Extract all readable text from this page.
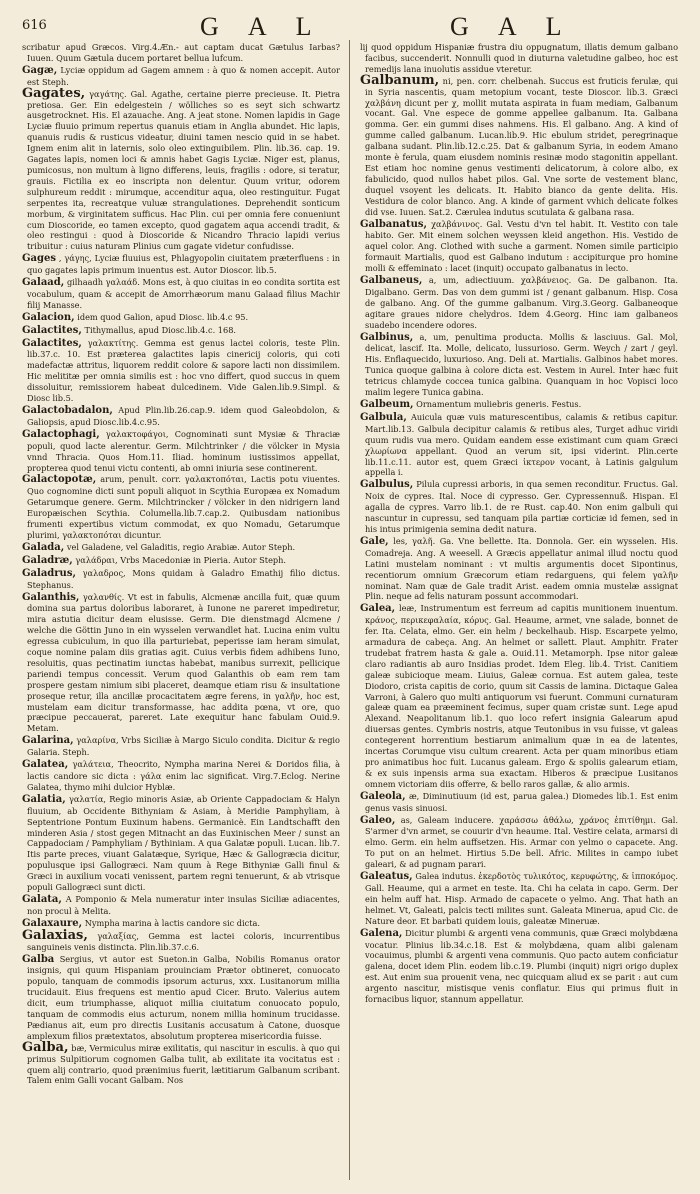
616	G A L	G A L
scribatur apud Græcos. Virg.4.Æn.- aut captam ducat Gætulus Iarbas? Iuuen. Quum Gætula ducem portaret bellua lufcum.
Gagæ, Lyciæ oppidum ad Gagem amnem : à quo & nomen accepit. Autor est Steph.
Gagates, γαγάτης. Gal. Agathe, certaine pierre precieuse. It. Pietra pretiosa. Ger. Ein edelgestein / wölliches so es seyt sich schwartz ausgetrocknet. His. El azauache. Ang. A jeat stone. Nomen lapidis in Gage Lyciæ fluuio primum repertus quanuis etiam in Anglia abundet. Hic lapis, quanuis rudis & rusticus videatur, diuini tamen nescio quid in se habet. Ignem enim alit in laternis, solo oleo extinguibilem. Plin. lib.36. cap. 19. Gagates lapis, nomen loci & amnis habet Gagis Lyciæ. Niger est, planus, pumicosus, non multum à ligno differens, leuis, fragilis : odore, si teratur, grauis. Fictilia ex eo inscripta non delentur. Quum vritur, odorem sulphureum reddit : mirumque, accenditur aqua, oleo restinguitur. Fugat serpentes ita, recreatque vuluæ strangulationes. Deprehendit sonticum morbum, & virginitatem sufficus. Hac Plin. cui per omnia fere conueniunt cum Dioscoride, eo tamen excepto, quod gagatem aqua accendi tradit, & oleo restingui : quod à Dioscoride & Nicandro Thracio lapidi verius tribuitur : cuius naturam Plinius cum gagate videtur confudisse.
Gages , γάγης, Lyciæ fluuius est, Phlagyopolin ciuitatem præterfluens : in quo gagates lapis primum inuentus est. Autor Dioscor. lib.5.
Galaad, gilhaadh γαλαάδ. Mons est, à quo ciuitas in eo condita sortita est vocabulum, quam & accepit de Amorrhæorum manu Galaad filius Machir filij Manasse.
Galacion, idem quod Galion, apud Diosc. lib.4.c 95.
Galactites, Tithymallus, apud Diosc.lib.4.c. 168.
Galactites, γαλακτίτης. Gemma est genus lactei coloris, teste Plin. lib.37.c. 10. Est præterea galactites lapis cinericij coloris, qui coti madefactæ attritus, liquorem reddit colore & sapore lacti non dissimilem. Hic melititæ per omnia similis est : hoc vno differt, quod succus in quem dissoluitur, remissiorem habeat dulcedinem. Vide Galen.lib.9.Simpl. & Diosc lib.5.
Galactobadalon, Apud Plin.lib.26.cap.9. idem quod Galeobdolon, & Galiopsis, apud Diosc.lib.4.c.95.
Galactophagi, γαλακτοφάγοι, Cognominati sunt Mysiæ & Thraciæ populi, quod lacte alerentur. Germ. Milchtrinker / die völcker in Mysia vnnd Thracia. Quos Hom.11. Iliad. hominum iustissimos appellat, propterea quod tenui victu contenti, ab omni iniuria sese continerent.
Galactopotæ, arum, penult. corr. γαλακτοπόται, Lactis potu viuentes. Quo cognomine dicti sunt populi aliquot in Scythia Europæa ex Nomadum Getarumque genere. Germ. Milchtrincker / völcker in den nidrigern land Europæischen Scythia. Columella.lib.7.cap.2. Quibusdam nationibus frumenti expertibus victum commodat, ex quo Nomadu, Getarumque plurimi, γαλακτοπόται dicuntur.
Galada, vel Galadene, vel Galaditis, regio Arabiæ. Autor Steph.
Galadræ, γαλάδραι, Vrbs Macedoniæ in Pieria. Autor Steph.
Galadrus, γαλαδρος, Mons quidam à Galadro Emathij filio dictus. Stephanus.
Galanthis, γαλανθίς. Vt est in fabulis, Alcmenæ ancilla fuit, quæ quum domina sua partus doloribus laboraret, à Iunone ne pareret impediretur, mira astutia dicitur deam elusisse. Germ. Die dienstmagd Alcmene / welche die Göttin Juno in ein wysselen verwandlet hat. Lucina enim vultu egressa cubiculum, in quo illa parturiebat, peperisse iam heram simulat, coque nomine palam diis gratias agit. Cuius verbis fidem adhibens Iuno, resoluitis, quas pectinatim iunctas habebat, manibus surrexit, pellicique pariendi tempus concessit. Verum quod Galanthis ob eam rem tam prospere gestam nimium sibi placeret, deamque etiam risu & insultatione proseque retur, illa ancillæ procacitatem ægre ferens, in γαλῆν, hoc est, mustelam eam dicitur transformasse, hac addita pœna, vt ore, quo præcipue peccauerat, pareret. Late exequitur hanc fabulam Ouid.9. Metam.
Galarina, γαλαρίνα, Vrbs Siciliæ à Margo Siculo condita. Dicitur & regio Galaria. Steph.
Galatea, γαλάτεια, Theocrito, Nympha marina Nerei & Doridos filia, à lactis candore sic dicta : γάλα enim lac significat. Virg.7.Eclog. Nerine Galatea, thymo mihi dulcior Hyblæ.
Galatia, γαλατία, Regio minoris Asiæ, ab Oriente Cappadociam & Halyn fluuium, ab Occidente Bithyniam & Asiam, à Meridie Pamphyliam, à Septentrione Pontum Euxinum habens. Germanicè. Ein Landtschafft den minderen Asia / stost gegen Mitnacht an das Euxinischen Meer / sunst an Cappadociam / Pamphyliam / Bythiniam. A qua Galatæ populi. Lucan. lib.7. Itis parte preces, viuant Galatæque, Syrique, Hæc & Gallogræcia dicitur, populusque ipsi Gallogræci. Nam quum à Rege Bithyniæ Galli finul & Græci in auxilium vocati venissent, partem regni tenuerunt, & ab vtrisque populi Gallogræci sunt dicti.
Galata, A Pomponio & Mela numeratur inter insulas Siciliæ adiacentes, non procul à Melita.
Galaxaure, Nympha marina à lactis candore sic dicta.
Galaxias, γαλαξίας, Gemma est lactei coloris, incurrentibus sanguineis venis distincta. Plin.lib.37.c.6.
Galba Sergius, vt autor est Sueton.in Galba, Nobilis Romanus orator insignis, qui quum Hispaniam prouinciam Prætor obtineret, conuocato populo, tanquam de commodis ipsorum acturus, xxx. Lusitanorum millia trucidauit. Eius frequens est mentio apud Cicer. Bruto. Valerius autem dicit, eum triumphasse, aliquot millia ciuitatum conuocato populo, tanquam de commodis eius acturum, nonem millia hominum trucidasse. Pædianus ait, eum pro directis Lusitanis accusatum à Catone, duosque amplexum filios prætextatos, absolutum propterea misericordia fuisse.
Galba, bæ, Vermiculus miræ exilitatis, qui nascitur in esculis. à quo qui primus Sulpitiorum cognomen Galba tulit, ab exilitate ita vocitatus est : quem alij contrario, quod prænimius fuerit, lætitiarum Galbanum scribant. Talem enim Galli vocant Galbam. Nos
lij quod oppidum Hispaniæ frustra diu oppugnatum, illatis demum galbano facibus, succenderit. Nonnulli quod in diuturna valetudine galbeo, hoc est remedijs lana inuolutis assidue vteretur.
Galbanum, ni, pen. corr. chelbenah. Succus est fruticis ferulæ, qui in Syria nascentis, quam metopium vocant, teste Dioscor. lib.3. Græci χαλβάνη dicunt per χ, mollit mutata aspirata in fuam mediam, Galbanum vocant. Gal. Vne espece de gomme appellee galbanum. Ita. Galbana gomma. Ger. ein gummi dises nahmens. His. El galbano. Ang. A kind of gumme called galbanum. Lucan.lib.9. Hic ebulum stridet, peregrinaque galbana sudant. Plin.lib.12.c.25. Dat & galbanum Syria, in eodem Amano monte è ferula, quam eiusdem nominis resinæ modo stagonitin appellant. Est etiam hoc nomine genus vestimenti delicatorum, à colore albo, ex fabulicido, quod nullos habet pilos. Gal. Vne sorte de vestement blanc, duquel vsoyent les delicats. It. Habito bianco da gente delita. His. Vestidura de color blanco. Ang. A kinde of garment vvhich delicate folkes did vse. Iuuen. Sat.2. Cærulea indutus scutulata & galbana rasa.
Galbanatus, χαλβάνινος. Gal. Vestu d'vn tel habit. It. Vestito con tale habito. Ger. Mit einem solchen weyssen kleid angethon. His. Vestido de aquel color. Ang. Clothed with suche a garment. Nomen simile participio formauit Martialis, quod est Galbano indutum : accipiturque pro homine molli & effeminato : lacet (inquit) occupato galbanatus in lecto.
Galbaneus, a, um, adiectiuum. χαλβάνειος. Ga. De galbanon. Ita. Digalbano. Germ. Das von dem gummi ist / genant galbanum. Hisp. Cosa de galbano. Ang. Of the gumme galbanum. Virg.3.Georg. Galbaneoque agitare graues nidore chelydros. Idem 4.Georg. Hinc iam galbaneos suadebo incendere odores.
Galbinus, a, um, penultima producta. Mollis & lasciuus. Gal. Mol, delicat, lascif. Ita. Molle, delicato, lussurioso. Germ. Weych / zart / geyl. His. Enflaquecido, luxurioso. Ang. Deli at. Martialis. Galbinos habet mores. Tunica quoque galbina à colore dicta est. Vestem in Aurel. Inter hæc fuit tetricus chlamyde coccea tunica galbina. Quanquam in hoc Vopisci loco malim legere Tunica gabina.
Galbeum, Ornamentum muliebris generis. Festus.
Galbula, Auicula quæ vuis maturescentibus, calamis & retibus capitur. Mart.lib.13. Galbula decipitur calamis & retibus ales, Turget adhuc viridi quum rudis vua mero. Quidam eandem esse existimant cum quam Græci χλωρίωνα appellant. Quod an verum sit, ipsi viderint. Plin.certe lib.11.c.11. autor est, quem Græci ἰκτερον vocant, à Latinis galgulum appella i.
Galbulus, Pilula cupressi arboris, in qua semen reconditur. Fructus. Gal. Noix de cypres. Ital. Noce di cypresso. Ger. Cypressennuß. Hispan. El agalla de cypres. Varro lib.1. de re Rust. cap.40. Non enim galbuli qui nascuntur in cupressu, sed tanquam pila partiæ corticiæ id femen, sed in his intus primigenia semina dedit natura.
Gale, les, γαλῆ. Ga. Vne bellette. Ita. Donnola. Ger. ein wysselen. His. Comadreja. Ang. A weesell. A Græcis appellatur animal illud noctu quod Latini mustelam nominant : vt multis argumentis docet Sipontinus, recentiorum omnium Græcorum etiam redarguens, qui felem γαλῆν nominat. Nam quæ de Gale tradit Arist. eadem omnia mustelæ assignat Plin. neque ad felis naturam possunt accommodari.
Galea, leæ, Instrumentum est ferreum ad capitis munitionem inuentum. κράνος, περικεφαλαία, κόρυς. Gal. Heaume, armet, vne salade, bonnet de fer. Ita. Celata, elmo. Ger. ein helm / beckelhaub. Hisp. Escarpete yelmo, armadura de cabeça. Ang. An helmet or sallett. Plaut. Amphitr. Frater trudebat fratrem hasta & gale a. Ouid.11. Metamorph. Ipse nitor galeæ claro radiantis ab auro Insidias prodet. Idem Eleg. lib.4. Trist. Canitiem galeæ subicioque meam. Liuius, Galeæ cornua. Est autem galea, teste Diodoro, crista capitis de corio, quum sit Cassis de lamina. Dictaque Galea Varroni, à Galero quo multi antiquorum vsi fuerunt. Communi curnaturam galeæ quam ea præeminent fecimus, super quam cristæ sunt. Lege apud Alexand. Neapolitanum lib.1. quo loco refert insignia Galearum apud diuersas gentes. Cymbris nostris, atque Teutonibus in vsu fuisse, vt galeas contegerent horrentium bestiarum animalium quæ in ea de latentes, incertas Corumque visu cultum crearent. Acta per quam minoribus etiam pro animatibus hoc fuit. Lucanus galeam. Ergo & spoliis galearum etiam, & ex suis inpensis arma sua exactam. Hiberos & præcipue Lusitanos omnem victoriam diis offerre, & bello raros gallæ, & alio armis.
Galeola, æ, Diminutiuum (id est, parua galea.) Diomedes lib.1. Est enim genus vasis sinuosi.
Galeo, as, Galeam inducere. χαράσσω ἀθάλω, χράνος ἐπιτίθημι. Gal. S'armer d'vn armet, se couurir d'vn heaume. Ital. Vestire celata, armarsi di elmo. Germ. ein helm auffsetzen. His. Armar con yelmo o capacete. Ang. To put on an helmet. Hirtius 5.De bell. Afric. Milites in campo iubet galeari, & ad pugnam parari.
Galeatus, Galea indutus. ἐκερδοτὸς τυλικότος, κερυφώτης, & ἱπποκόμος. Gall. Heaume, qui a armet en teste. Ita. Chi ha celata in capo. Germ. Der ein helm auff hat. Hisp. Armado de capacete o yelmo. Ang. That hath an helmet. Vt, Galeati, palcis tecti milites sunt. Galeata Minerua, apud Cic. de Nature deor. Et barbati quidem louis, galeatæ Mineruæ.
Galena, Dicitur plumbi & argenti vena communis, quæ Græci molybdæna vocatur. Plinius lib.34.c.18. Est & molybdæna, quam alibi galenam vocauimus, plumbi & argenti vena communis. Quo pacto autem conficiatur galena, docet idem Plin. eodem lib.c.19. Plumbi (inquit) nigri origo duplex est. Aut enim sua prouenit vena, nec quicquam aliud ex se parit : aut cum argento nascitur, mistisque venis conflatur. Eius qui primus fluit in fornacibus liquor, stannum appellatur.
